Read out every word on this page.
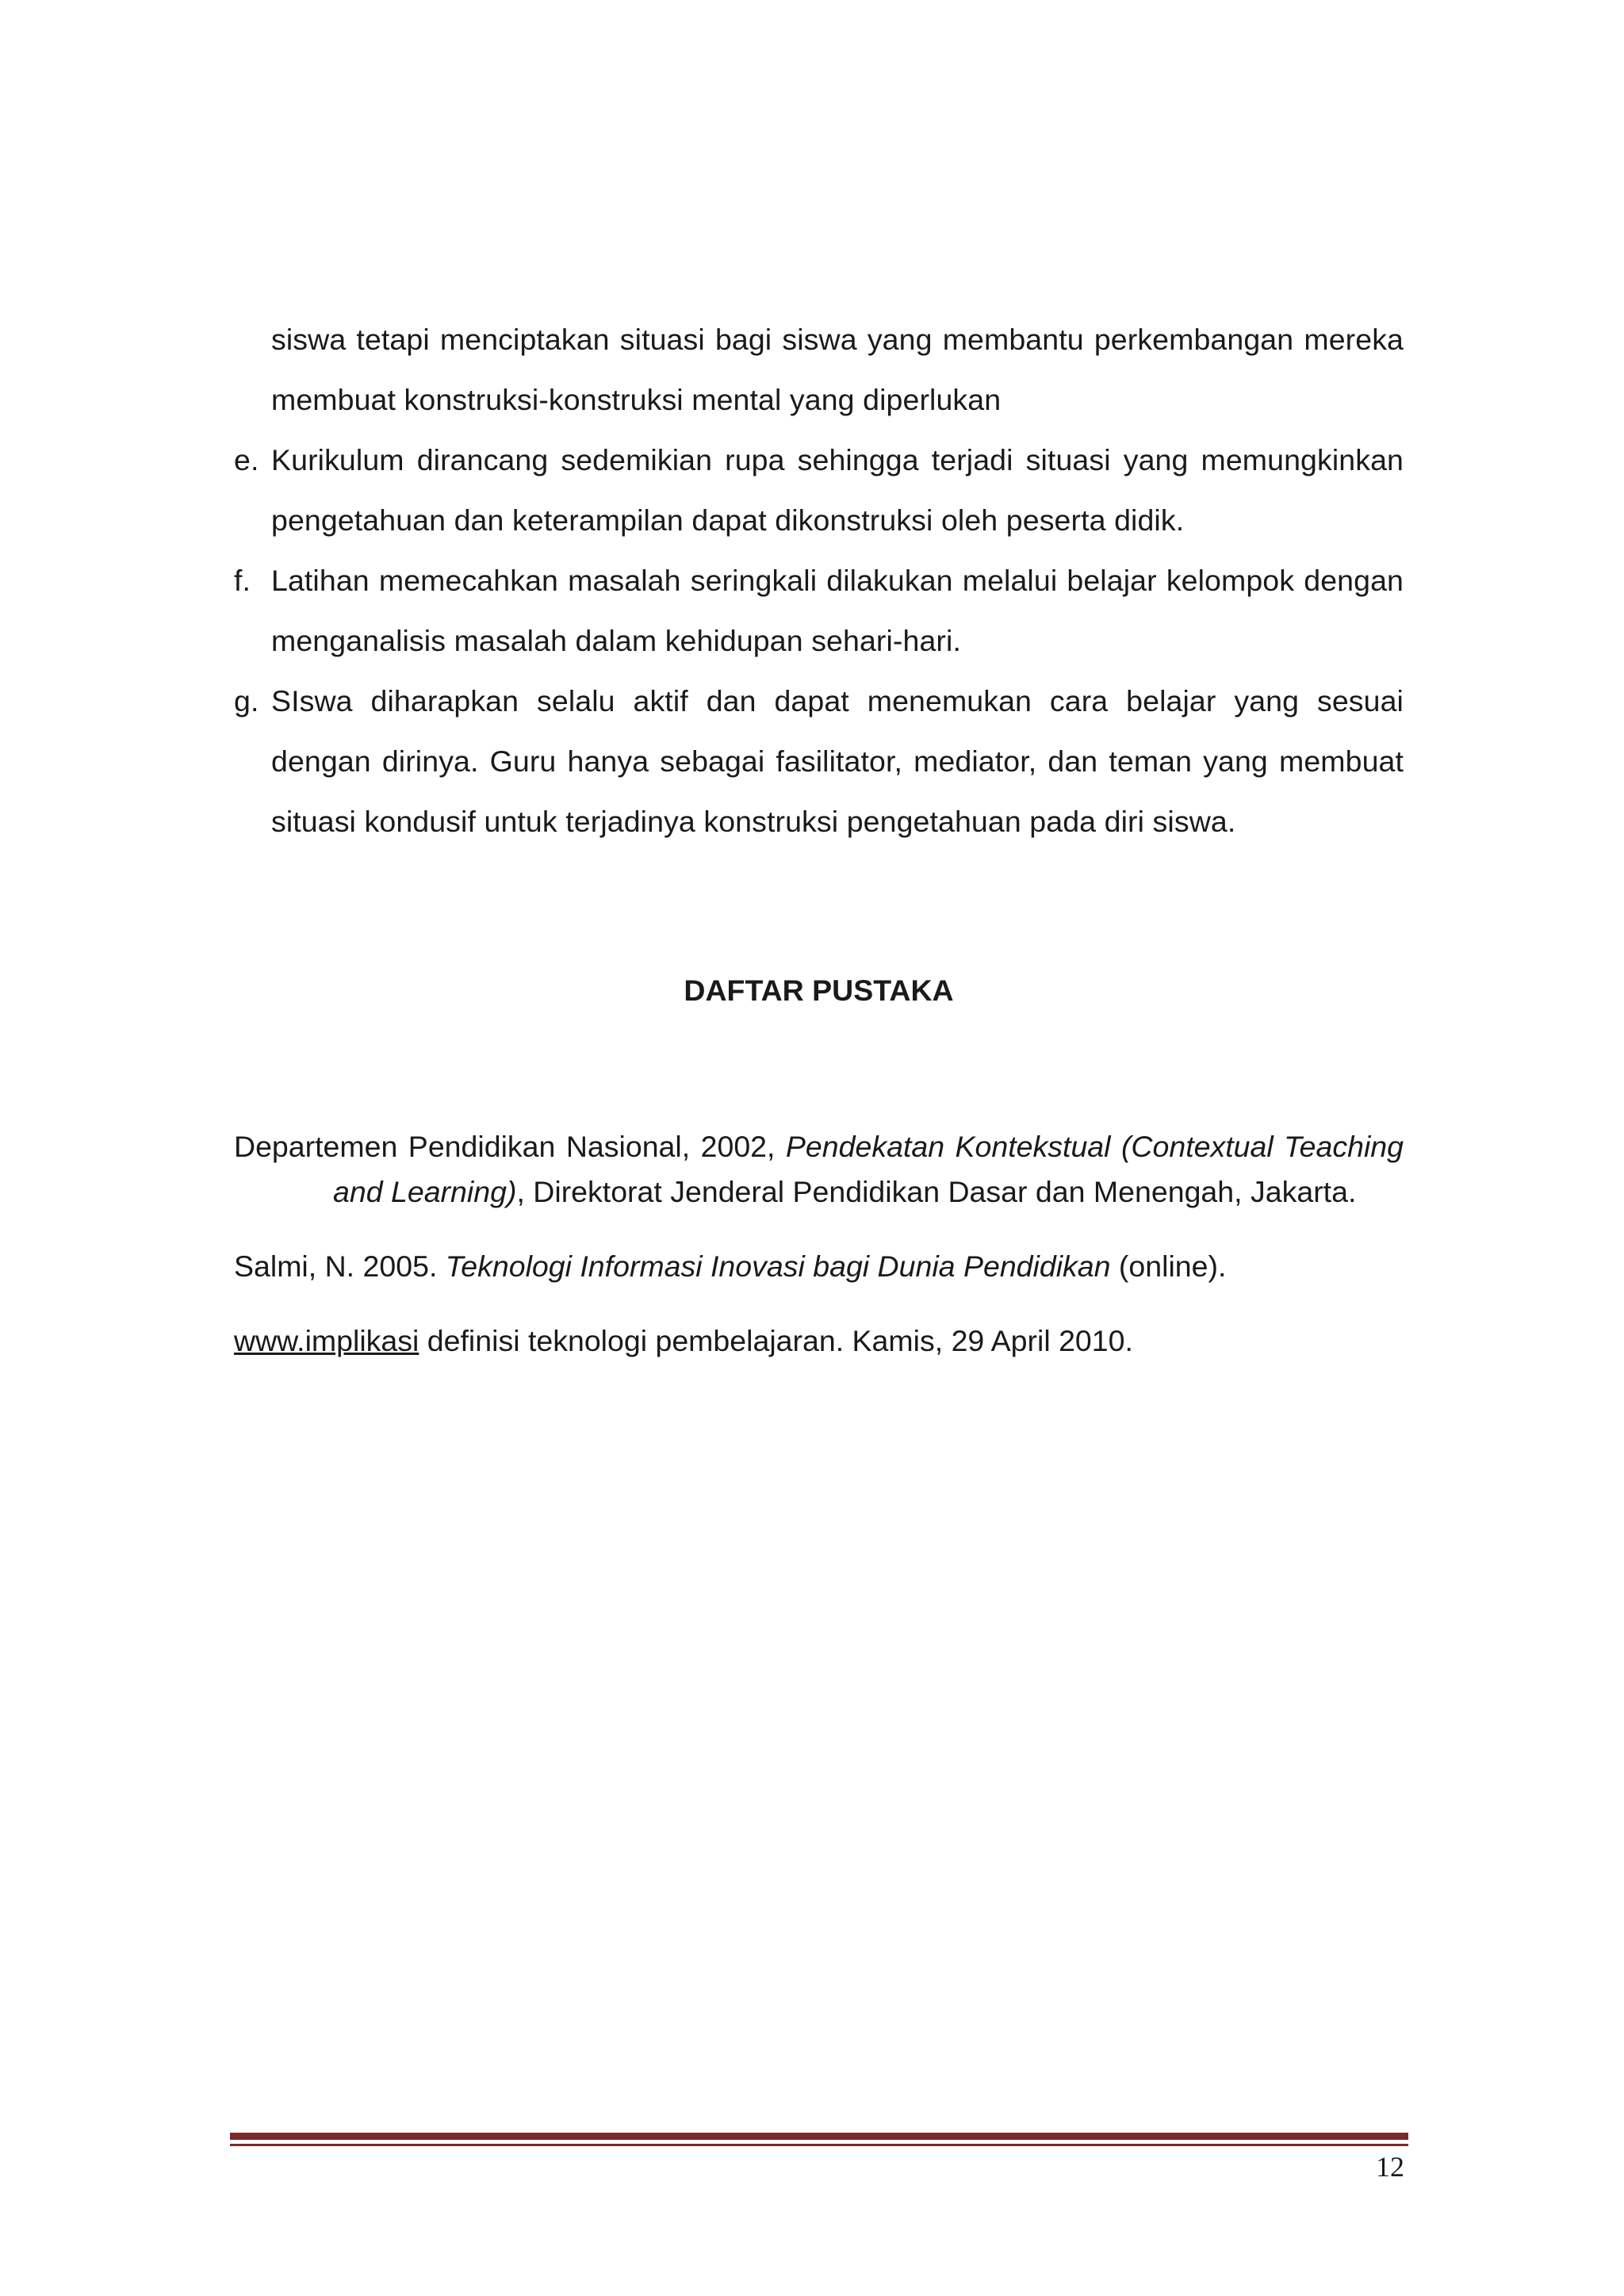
siswa tetapi menciptakan situasi bagi siswa yang membantu perkembangan mereka membuat konstruksi-konstruksi mental yang diperlukan
e. Kurikulum dirancang sedemikian rupa sehingga terjadi situasi yang memungkinkan pengetahuan dan keterampilan dapat dikonstruksi oleh peserta didik.
f. Latihan memecahkan masalah seringkali dilakukan melalui belajar kelompok dengan menganalisis masalah dalam kehidupan sehari-hari.
g. SIswa diharapkan selalu aktif dan dapat menemukan cara belajar yang sesuai dengan dirinya. Guru hanya sebagai fasilitator, mediator, dan teman yang membuat situasi kondusif untuk terjadinya konstruksi pengetahuan pada diri siswa.
DAFTAR PUSTAKA
Departemen Pendidikan Nasional, 2002, Pendekatan Kontekstual (Contextual Teaching and Learning), Direktorat Jenderal Pendidikan Dasar dan Menengah, Jakarta.
Salmi, N. 2005. Teknologi Informasi Inovasi bagi Dunia Pendidikan (online).
www.implikasi definisi teknologi pembelajaran. Kamis, 29 April 2010.
12
